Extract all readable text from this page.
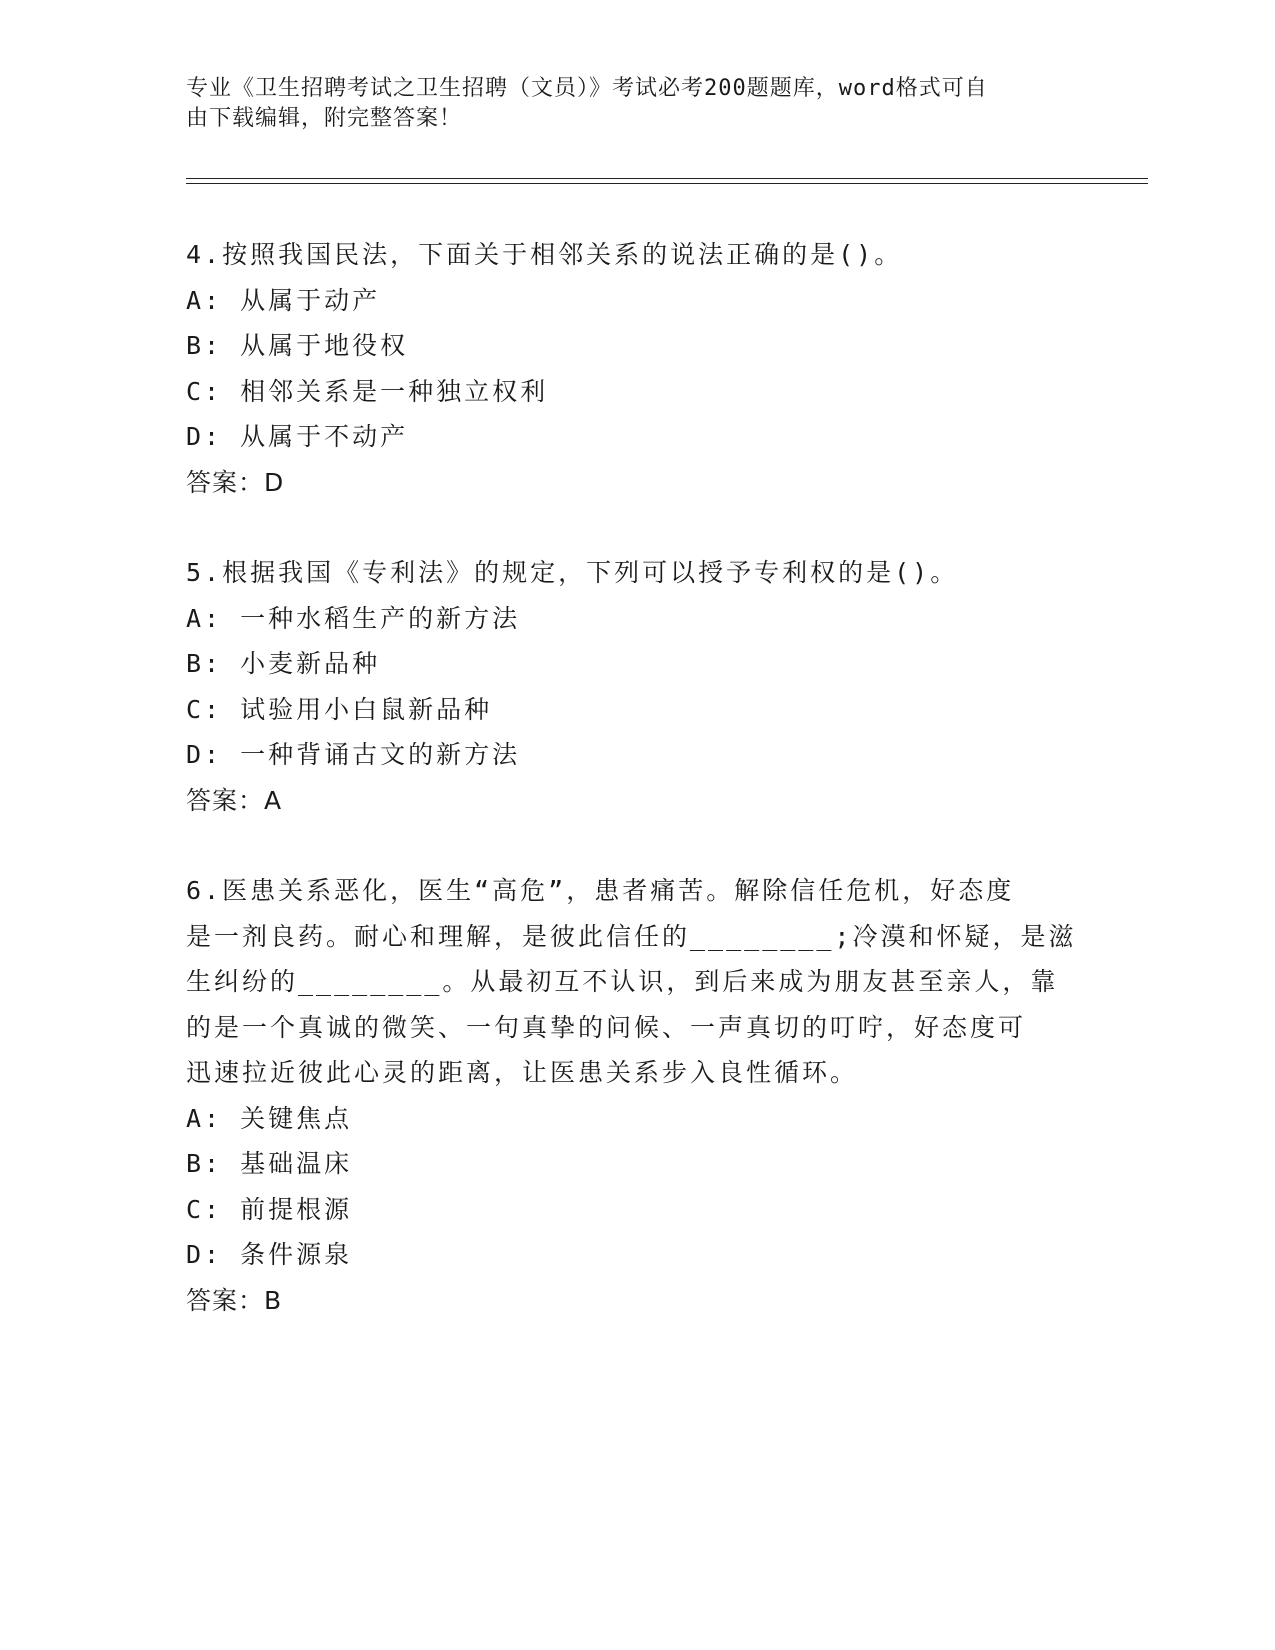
专业《卫生招聘考试之卫生招聘（文员）》考试必考200题题库，word格式可自
由下载编辑，附完整答案！

4.按照我国民法，下面关于相邻关系的说法正确的是()。

A: 从属于动产

B: 从属于地役权

C: 相邻关系是一种独立权利

D: 从属于不动产

答案：D

5.根据我国《专利法》的规定，下列可以授予专利权的是()。

A: 一种水稻生产的新方法

B: 小麦新品种

C: 试验用小白鼠新品种

D: 一种背诵古文的新方法

答案：A

6.医患关系恶化，医生“高危”，患者痛苦。解除信任危机，好态度

是一剂良药。耐心和理解，是彼此信任的________;冷漠和怀疑，是滋

生纠纷的________。从最初互不认识，到后来成为朋友甚至亲人，靠

的是一个真诚的微笑、一句真挚的问候、一声真切的叮咛，好态度可

迅速拉近彼此心灵的距离，让医患关系步入良性循环。

A: 关键焦点

B: 基础温床

C: 前提根源

D: 条件源泉

答案：B
